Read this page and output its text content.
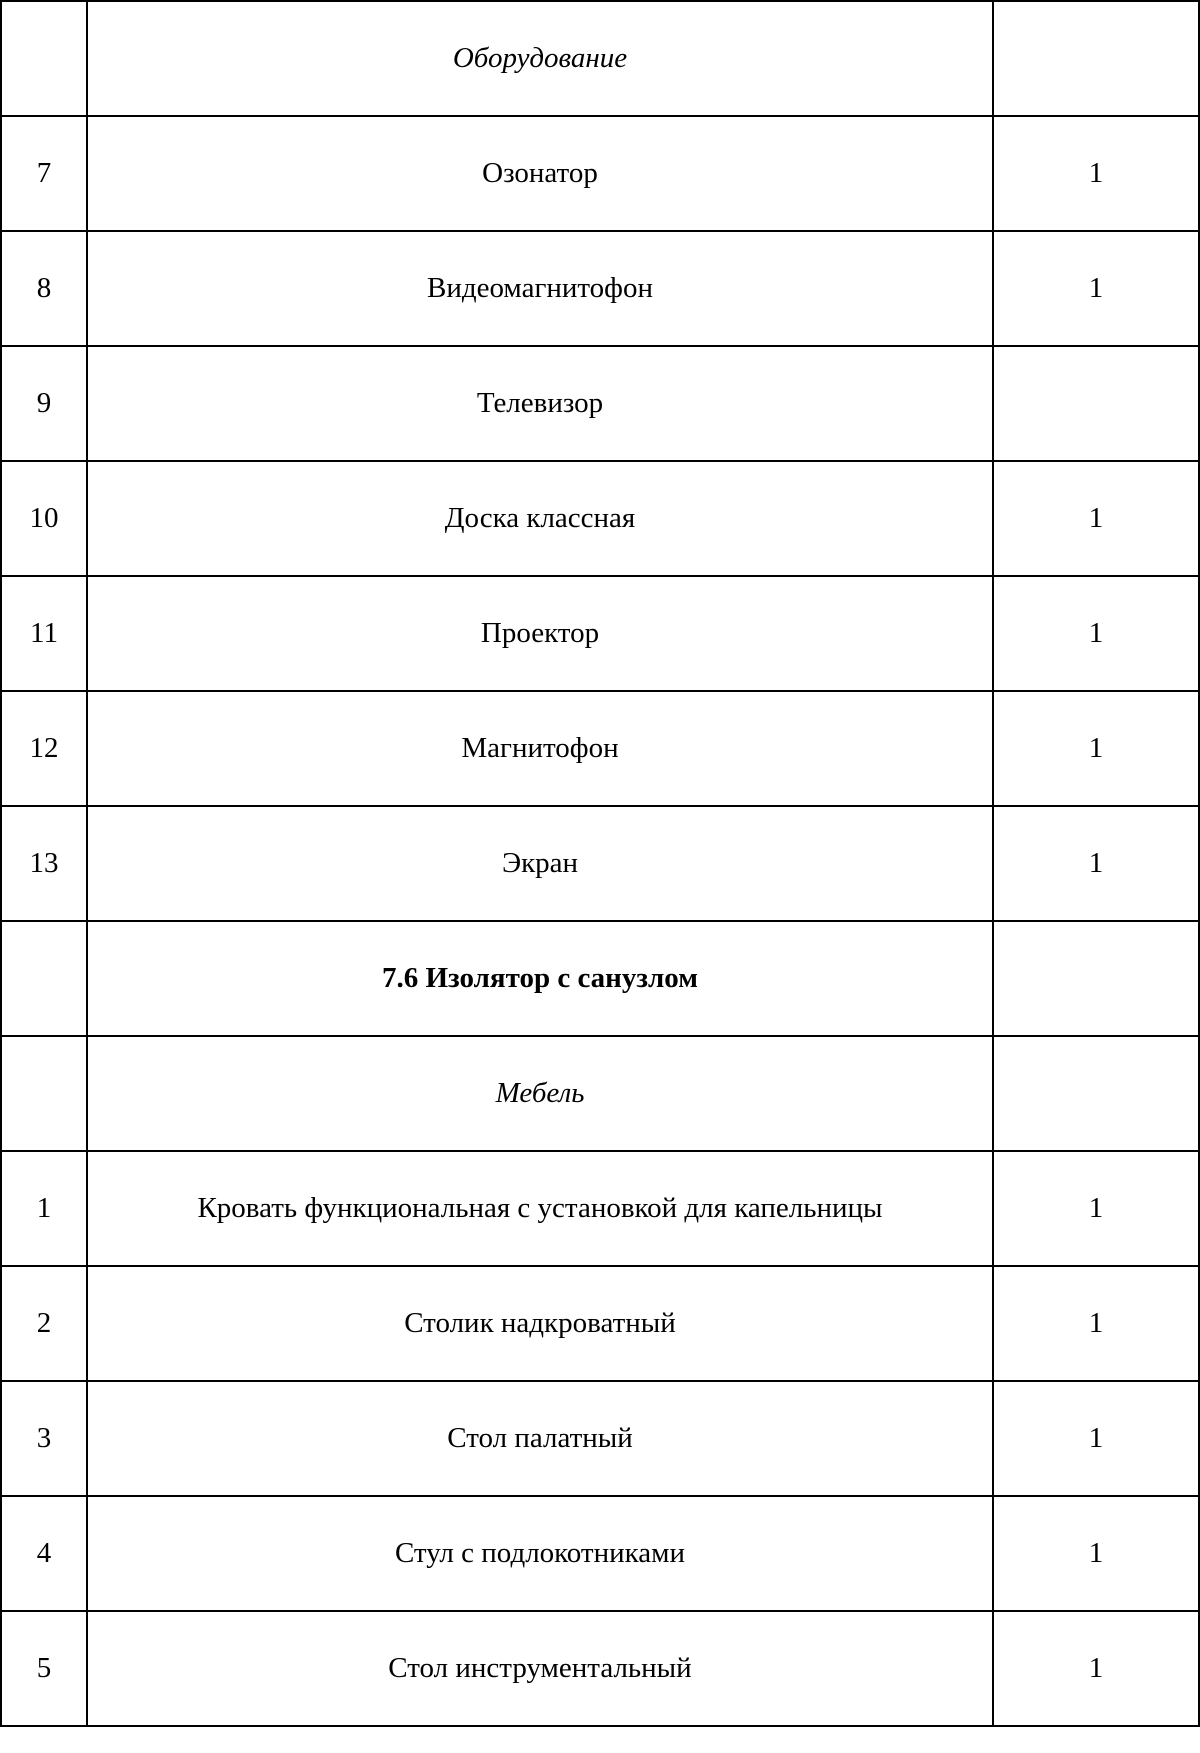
	Оборудование	
7	Озонатор	1
8	Видеомагнитофон	1
9	Телевизор	
10	Доска классная	1
11	Проектор	1
12	Магнитофон	1
13	Экран	1
	7.6 Изолятор с санузлом	
	Мебель	
1	Кровать функциональная с установкой для капельницы	1
2	Столик надкроватный	1
3	Стол палатный	1
4	Стул с подлокотниками	1
5	Стол инструментальный	1
